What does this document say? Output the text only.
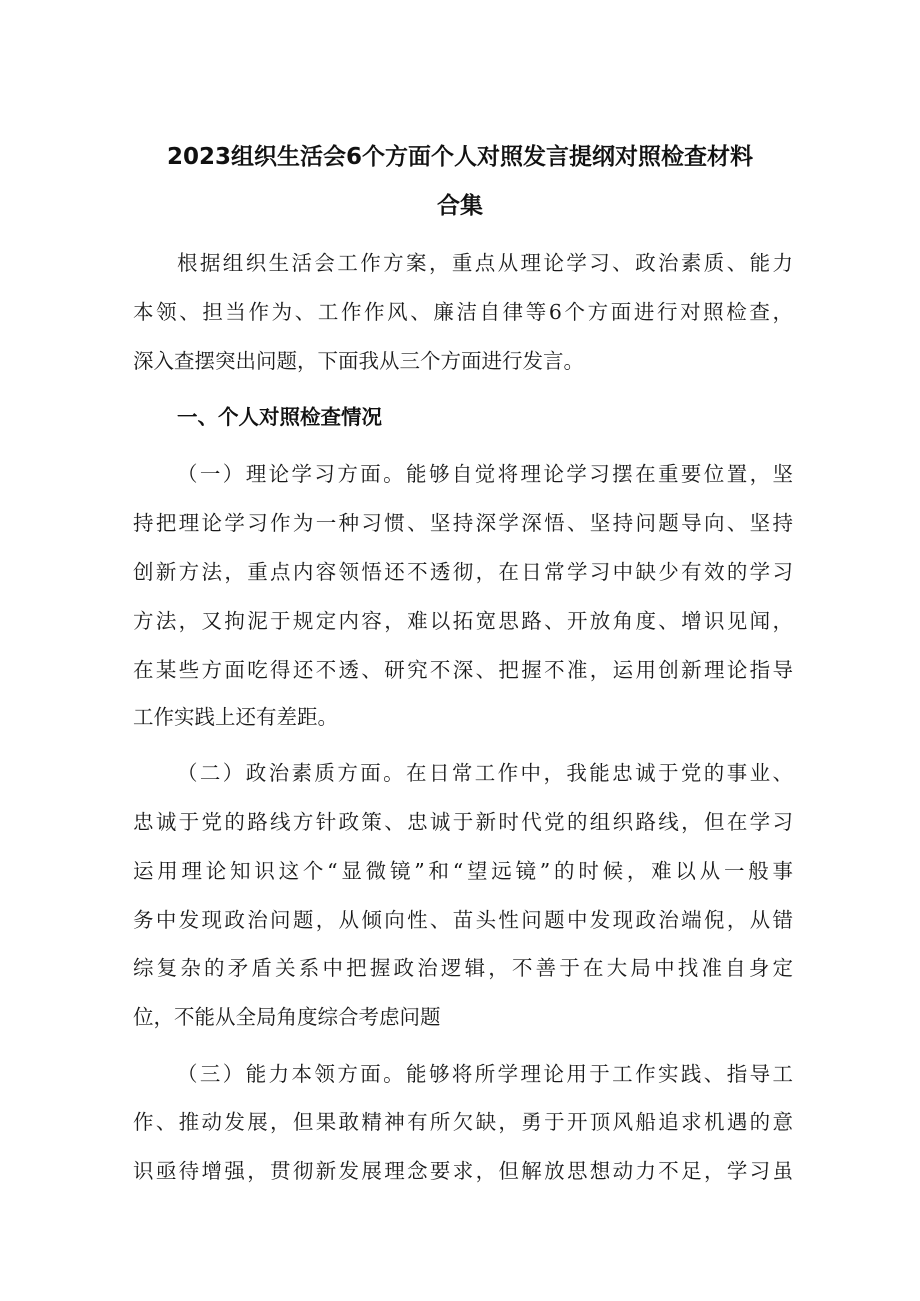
2023组织生活会6个方面个人对照发言提纲对照检查材料
合集
根据组织生活会工作方案，重点从理论学习、政治素质、能力
本领、担当作为、工作作风、廉洁自律等6个方面进行对照检查，
深入查摆突出问题，下面我从三个方面进行发言。
一、个人对照检查情况
（一）理论学习方面。能够自觉将理论学习摆在重要位置，坚
持把理论学习作为一种习惯、坚持深学深悟、坚持问题导向、坚持
创新方法，重点内容领悟还不透彻，在日常学习中缺少有效的学习
方法，又拘泥于规定内容，难以拓宽思路、开放角度、增识见闻，
在某些方面吃得还不透、研究不深、把握不准，运用创新理论指导
工作实践上还有差距。
（二）政治素质方面。在日常工作中，我能忠诚于党的事业、
忠诚于党的路线方针政策、忠诚于新时代党的组织路线，但在学习
运用理论知识这个“显微镜”和“望远镜”的时候，难以从一般事
务中发现政治问题，从倾向性、苗头性问题中发现政治端倪，从错
综复杂的矛盾关系中把握政治逻辑，不善于在大局中找准自身定
位，不能从全局角度综合考虑问题
（三）能力本领方面。能够将所学理论用于工作实践、指导工
作、推动发展，但果敢精神有所欠缺，勇于开顶风船追求机遇的意
识亟待增强，贯彻新发展理念要求，但解放思想动力不足，学习虽
